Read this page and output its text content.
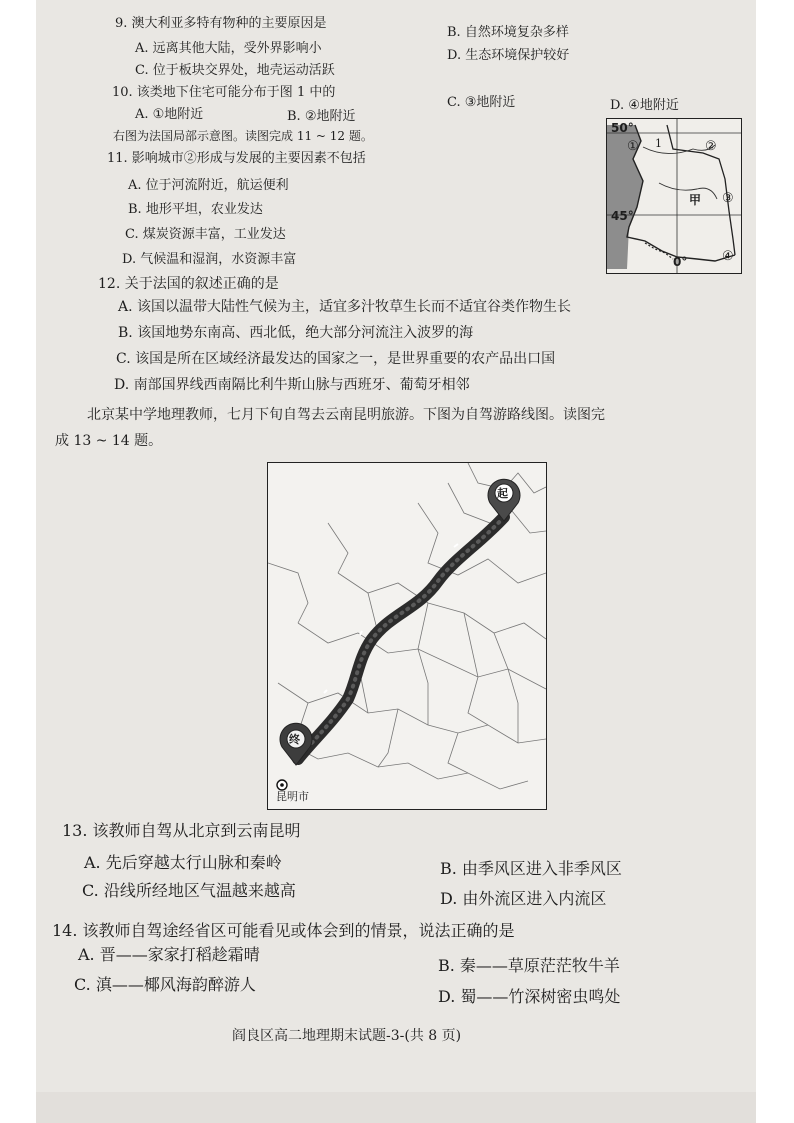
9. 澳大利亚多特有物种的主要原因是
A. 远离其他大陆，受外界影响小
B. 自然环境复杂多样
C. 位于板块交界处，地壳运动活跃
D. 生态环境保护较好
10. 该类地下住宅可能分布于图 1 中的
A. ①地附近	B. ②地附近
C. ③地附近	D. ④地附近
右图为法国局部示意图。读图完成 11 ~ 12 题。
11. 影响城市②形成与发展的主要因素不包括
A. 位于河流附近，航运便利
B. 地形平坦，农业发达
C. 煤炭资源丰富，工业发达
D. 气候温和湿润，水资源丰富
50°
45°
0°
① 1	②
③
④
甲
12. 关于法国的叙述正确的是
A. 该国以温带大陆性气候为主，适宜多汁牧草生长而不适宜谷类作物生长
B. 该国地势东南高、西北低，绝大部分河流注入波罗的海
C. 该国是所在区域经济最发达的国家之一，是世界重要的农产品出口国
D. 南部国界线西南隔比利牛斯山脉与西班牙、葡萄牙相邻
北京某中学地理教师，七月下旬自驾去云南昆明旅游。下图为自驾游路线图。读图完
成 13 ~ 14 题。
起
终
昆明市
13. 该教师自驾从北京到云南昆明
A. 先后穿越太行山脉和秦岭	B. 由季风区进入非季风区
C. 沿线所经地区气温越来越高	D. 由外流区进入内流区
14. 该教师自驾途经省区可能看见或体会到的情景，说法正确的是
A. 晋——家家打稻趁霜晴
B. 秦——草原茫茫牧牛羊
C. 滇——椰风海韵醉游人
D. 蜀——竹深树密虫鸣处
阎良区高二地理期末试题-3-(共 8 页)
